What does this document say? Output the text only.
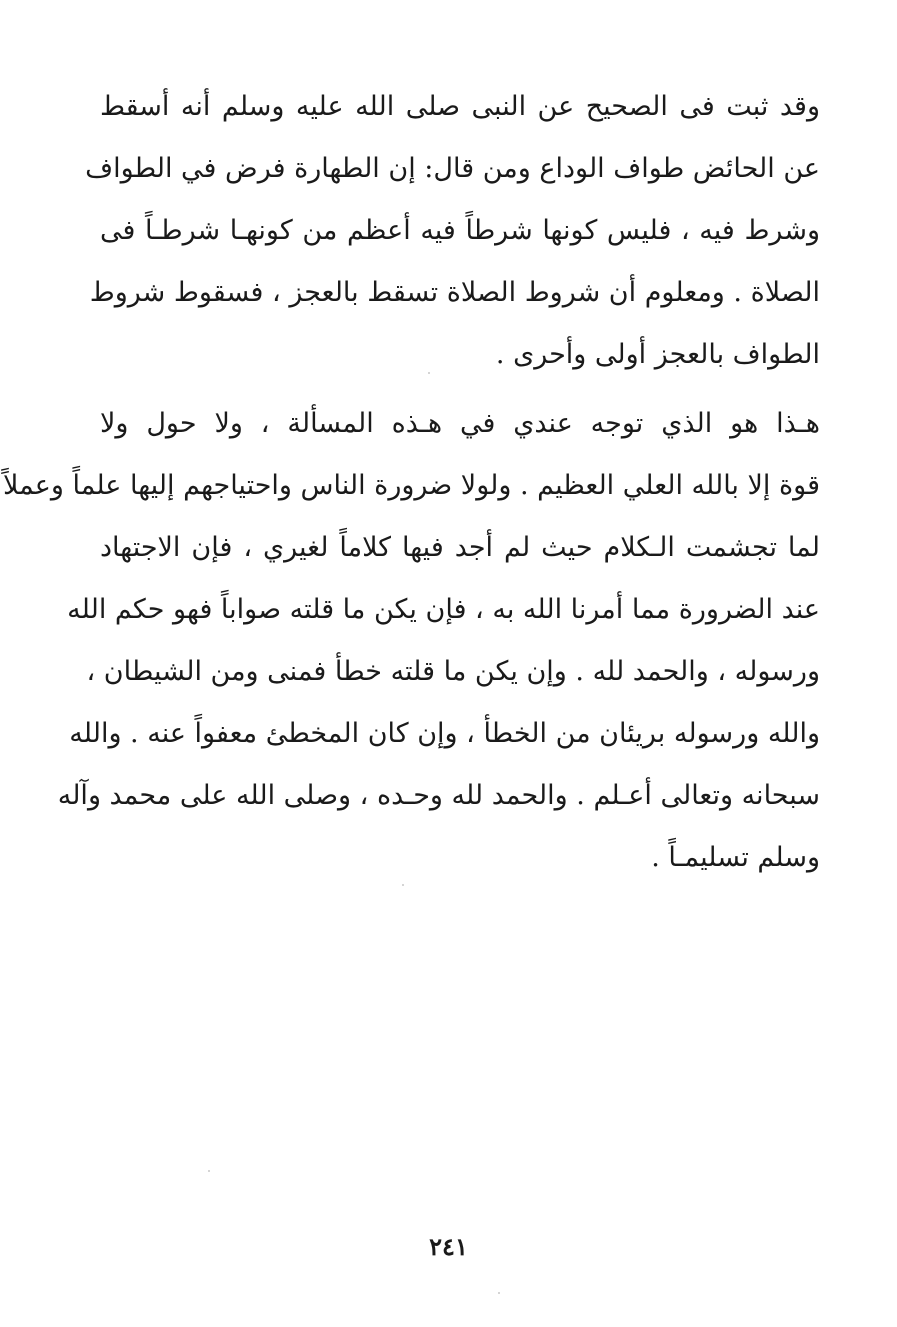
وقد ثبت فى الصحيح عن النبى صلى الله عليه وسلم أنه أسقط
عن الحائض طواف الوداع ومن قال: إن الطهارة فرض في الطواف
وشرط فيه ، فليس كونها شرطاً فيه أعظم من كونهـا شرطـاً فى
الصلاة . ومعلوم أن شروط الصلاة تسقط بالعجز ، فسقوط شروط
الطواف بالعجز أولى وأحرى .
هـذا هو الذي توجه عندي في هـذه المسألة ، ولا حول ولا
قوة إلا بالله العلي العظيم . ولولا ضرورة الناس واحتياجهم إليها علماً وعملاً
لما تجشمت الـكلام حيث لم أجد فيها كلاماً لغيري ، فإن الاجتهاد
عند الضرورة مما أمرنا الله به ، فإن يكن ما قلته صواباً فهو حكم الله
ورسوله ، والحمد لله . وإن يكن ما قلته خطأ فمنى ومن الشيطان ،
والله ورسوله بريئان من الخطأ ، وإن كان المخطئ معفواً عنه . والله
سبحانه وتعالى أعـلم . والحمد لله وحـده ، وصلى الله على محمد وآله
وسلم تسليمـاً .
٢٤١
